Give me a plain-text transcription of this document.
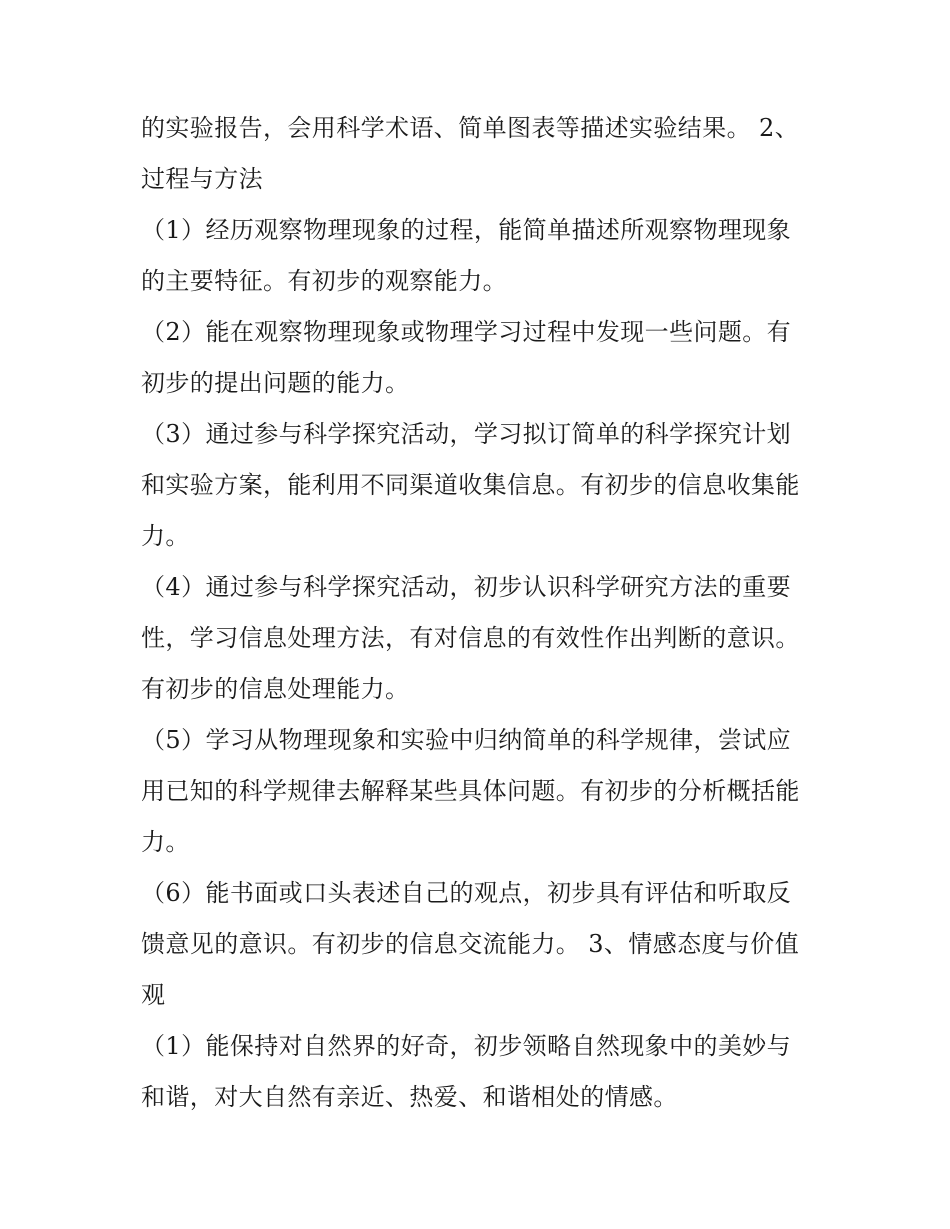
的实验报告，会用科学术语、简单图表等描述实验结果。 2、
过程与方法
（1）经历观察物理现象的过程，能简单描述所观察物理现象
的主要特征。有初步的观察能力。
（2）能在观察物理现象或物理学习过程中发现一些问题。有
初步的提出问题的能力。
（3）通过参与科学探究活动，学习拟订简单的科学探究计划
和实验方案，能利用不同渠道收集信息。有初步的信息收集能
力。
（4）通过参与科学探究活动，初步认识科学研究方法的重要
性，学习信息处理方法，有对信息的有效性作出判断的意识。
有初步的信息处理能力。
（5）学习从物理现象和实验中归纳简单的科学规律，尝试应
用已知的科学规律去解释某些具体问题。有初步的分析概括能
力。
（6）能书面或口头表述自己的观点，初步具有评估和听取反
馈意见的意识。有初步的信息交流能力。 3、情感态度与价值
观
（1）能保持对自然界的好奇，初步领略自然现象中的美妙与
和谐，对大自然有亲近、热爱、和谐相处的情感。
